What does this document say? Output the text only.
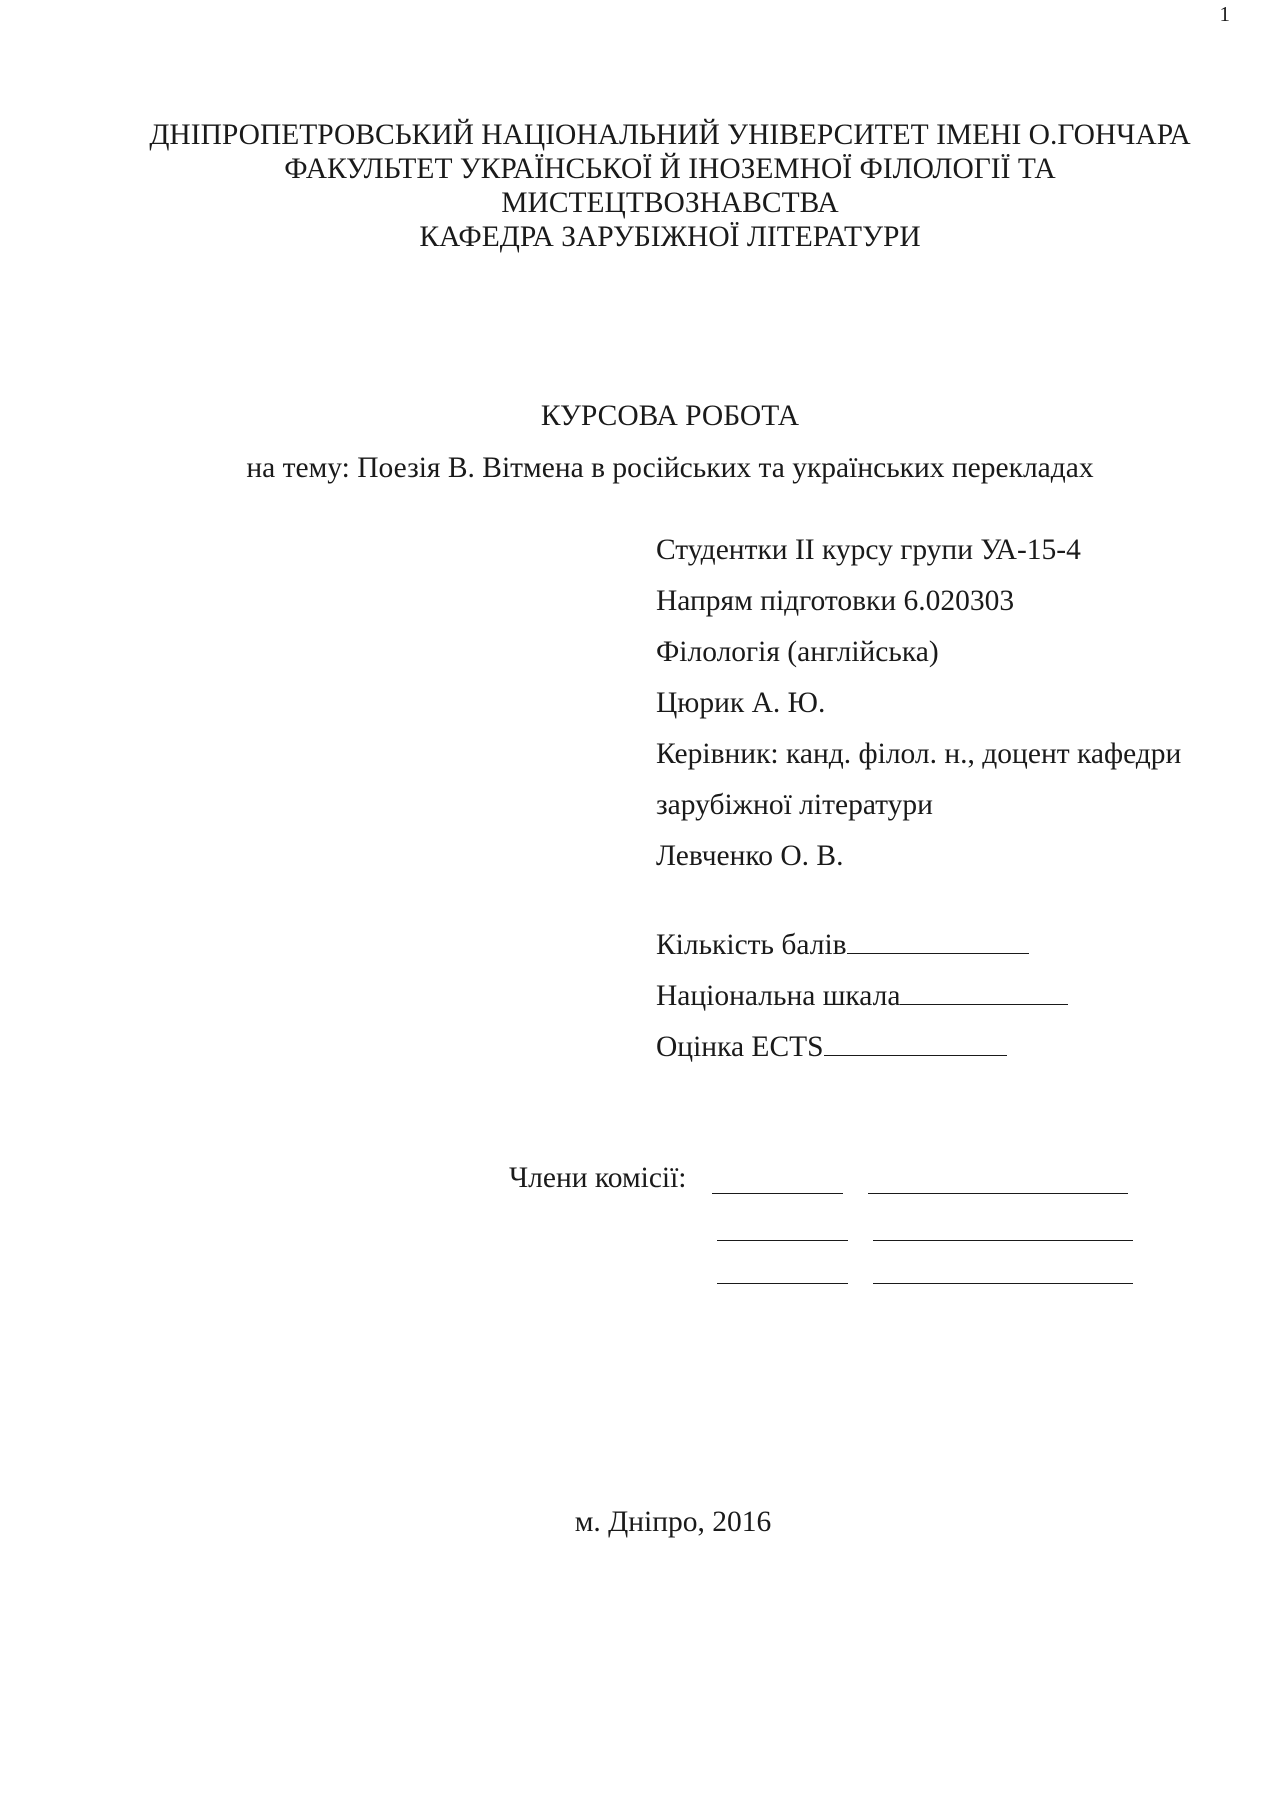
1
ДНІПРОПЕТРОВСЬКИЙ НАЦІОНАЛЬНИЙ УНІВЕРСИТЕТ ІМЕНІ О.ГОНЧАРА
ФАКУЛЬТЕТ УКРАЇНСЬКОЇ Й ІНОЗЕМНОЇ ФІЛОЛОГІЇ ТА
МИСТЕЦТВОЗНАВСТВА
КАФЕДРА ЗАРУБІЖНОЇ ЛІТЕРАТУРИ
КУРСОВА РОБОТА
на тему: Поезія В. Вітмена в російських та українських перекладах
Студентки II курсу групи УА-15-4
Напрям підготовки 6.020303
Філологія (англійська)
Цюрик А. Ю.
Керівник: канд. філол. н., доцент кафедри
зарубіжної літератури
Левченко О. В.
Кількість балів
Національна шкала
Оцінка ECTS
Члени комісії:
м. Дніпро, 2016
